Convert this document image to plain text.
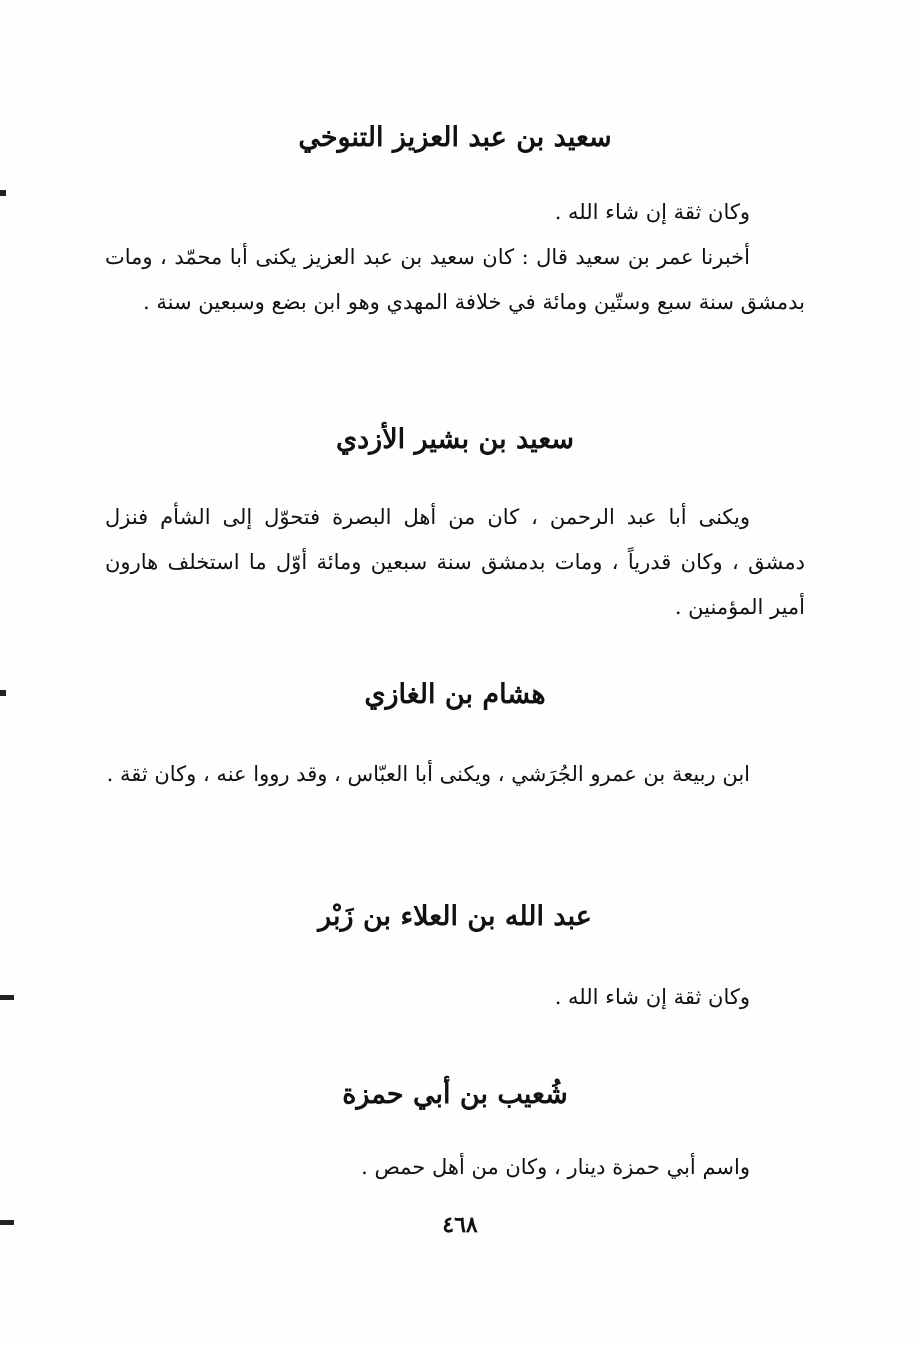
سعيد بن عبد العزيز التنوخي
وكان ثقة إن شاء الله .
أخبرنا عمر بن سعيد قال : كان سعيد بن عبد العزيز يكنى أبا محمّد ، ومات بدمشق سنة سبع وستّين ومائة في خلافة المهدي وهو ابن بضع وسبعين سنة .
سعيد بن بشير الأزدي
ويكنى أبا عبد الرحمن ، كان من أهل البصرة فتحوّل إلى الشأم فنزل دمشق ، وكان قدرياً ، ومات بدمشق سنة سبعين ومائة أوّل ما استخلف هارون أمير المؤمنين .
هشام بن الغازي
ابن ربيعة بن عمرو الجُرَشي ، ويكنى أبا العبّاس ، وقد رووا عنه ، وكان ثقة .
عبد الله بن العلاء بن زَبْر
وكان ثقة إن شاء الله .
شُعيب بن أبي حمزة
واسم أبي حمزة دينار ، وكان من أهل حمص .
٤٦٨
